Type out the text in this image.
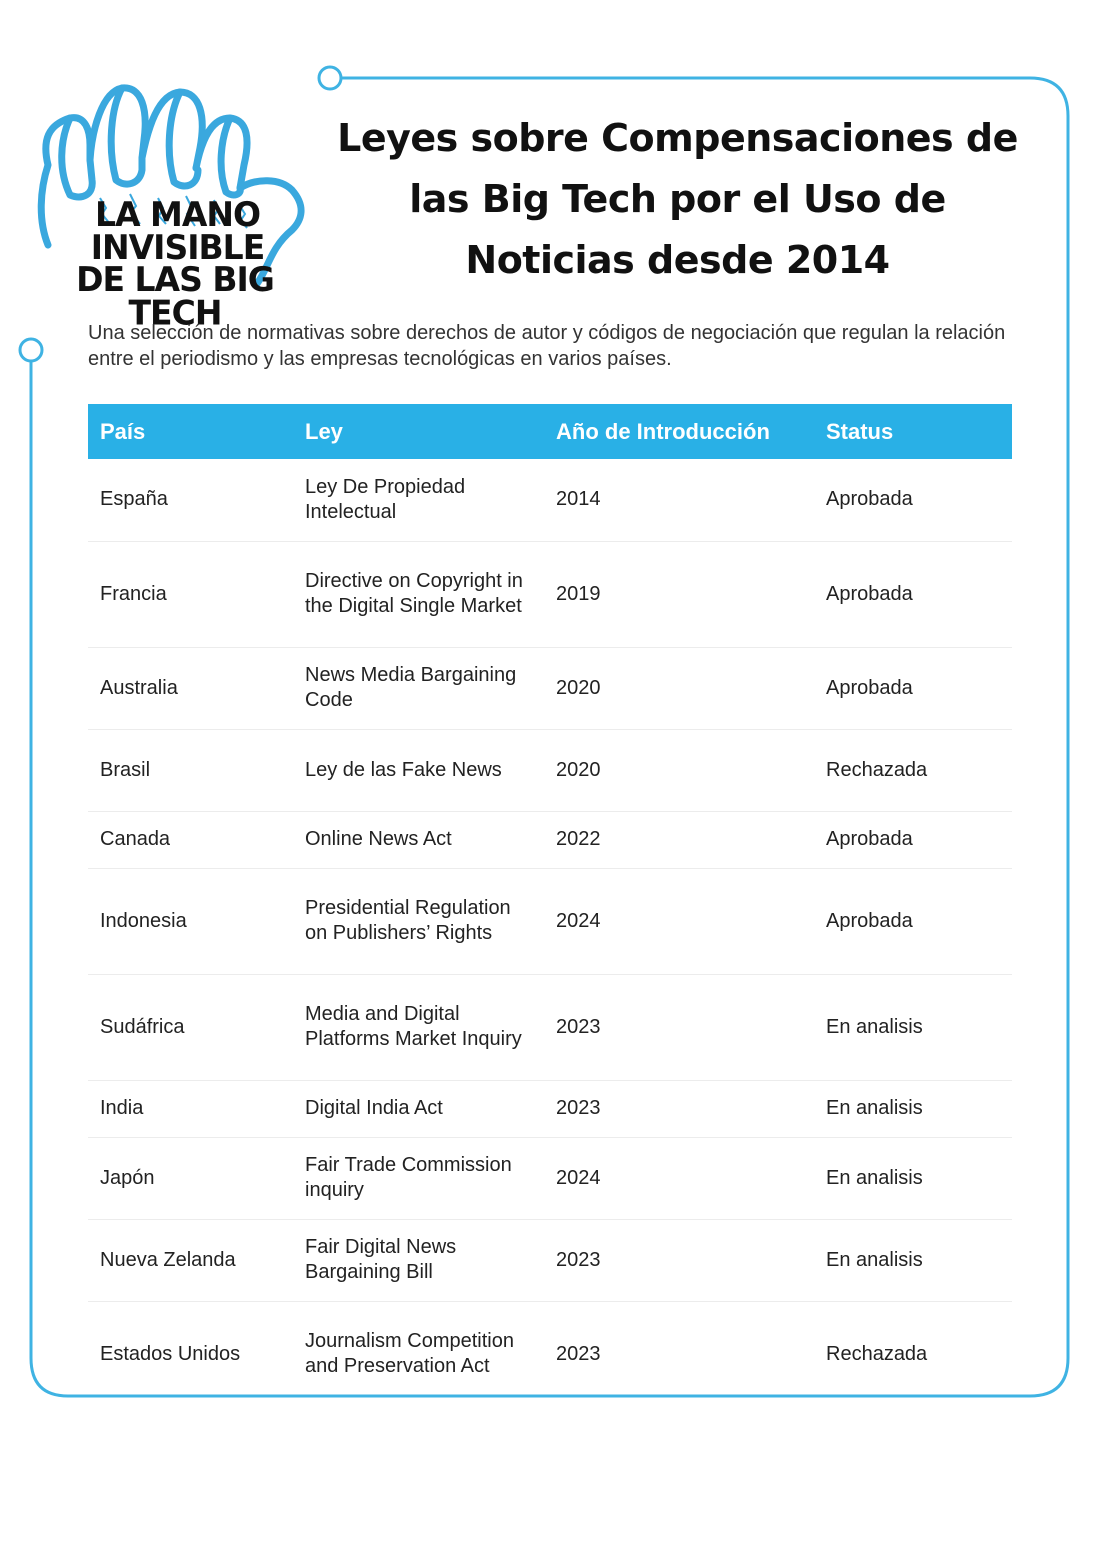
LA MANO
INVISIBLE
DE LAS BIG TECH
Leyes sobre Compensaciones de las Big Tech por el Uso de Noticias desde 2014
Una selección de normativas sobre derechos de autor y códigos de negociación que regulan la relación entre el periodismo y las empresas tecnológicas en varios países.
País	Ley	Año de Introducción	Status
España	Ley De Propiedad Intelectual	2014	Aprobada
Francia	Directive on Copyright in the Digital Single Market	2019	Aprobada
Australia	News Media Bargaining Code	2020	Aprobada
Brasil	Ley de las Fake News	2020	Rechazada
Canada	Online News Act	2022	Aprobada
Indonesia	Presidential Regulation on Publishers’ Rights	2024	Aprobada
Sudáfrica	Media and Digital Platforms Market Inquiry	2023	En analisis
India	Digital India Act	2023	En analisis
Japón	Fair Trade Commission inquiry	2024	En analisis
Nueva Zelanda	Fair Digital News Bargaining Bill	2023	En analisis
Estados Unidos	Journalism Competition and Preservation Act	2023	Rechazada
